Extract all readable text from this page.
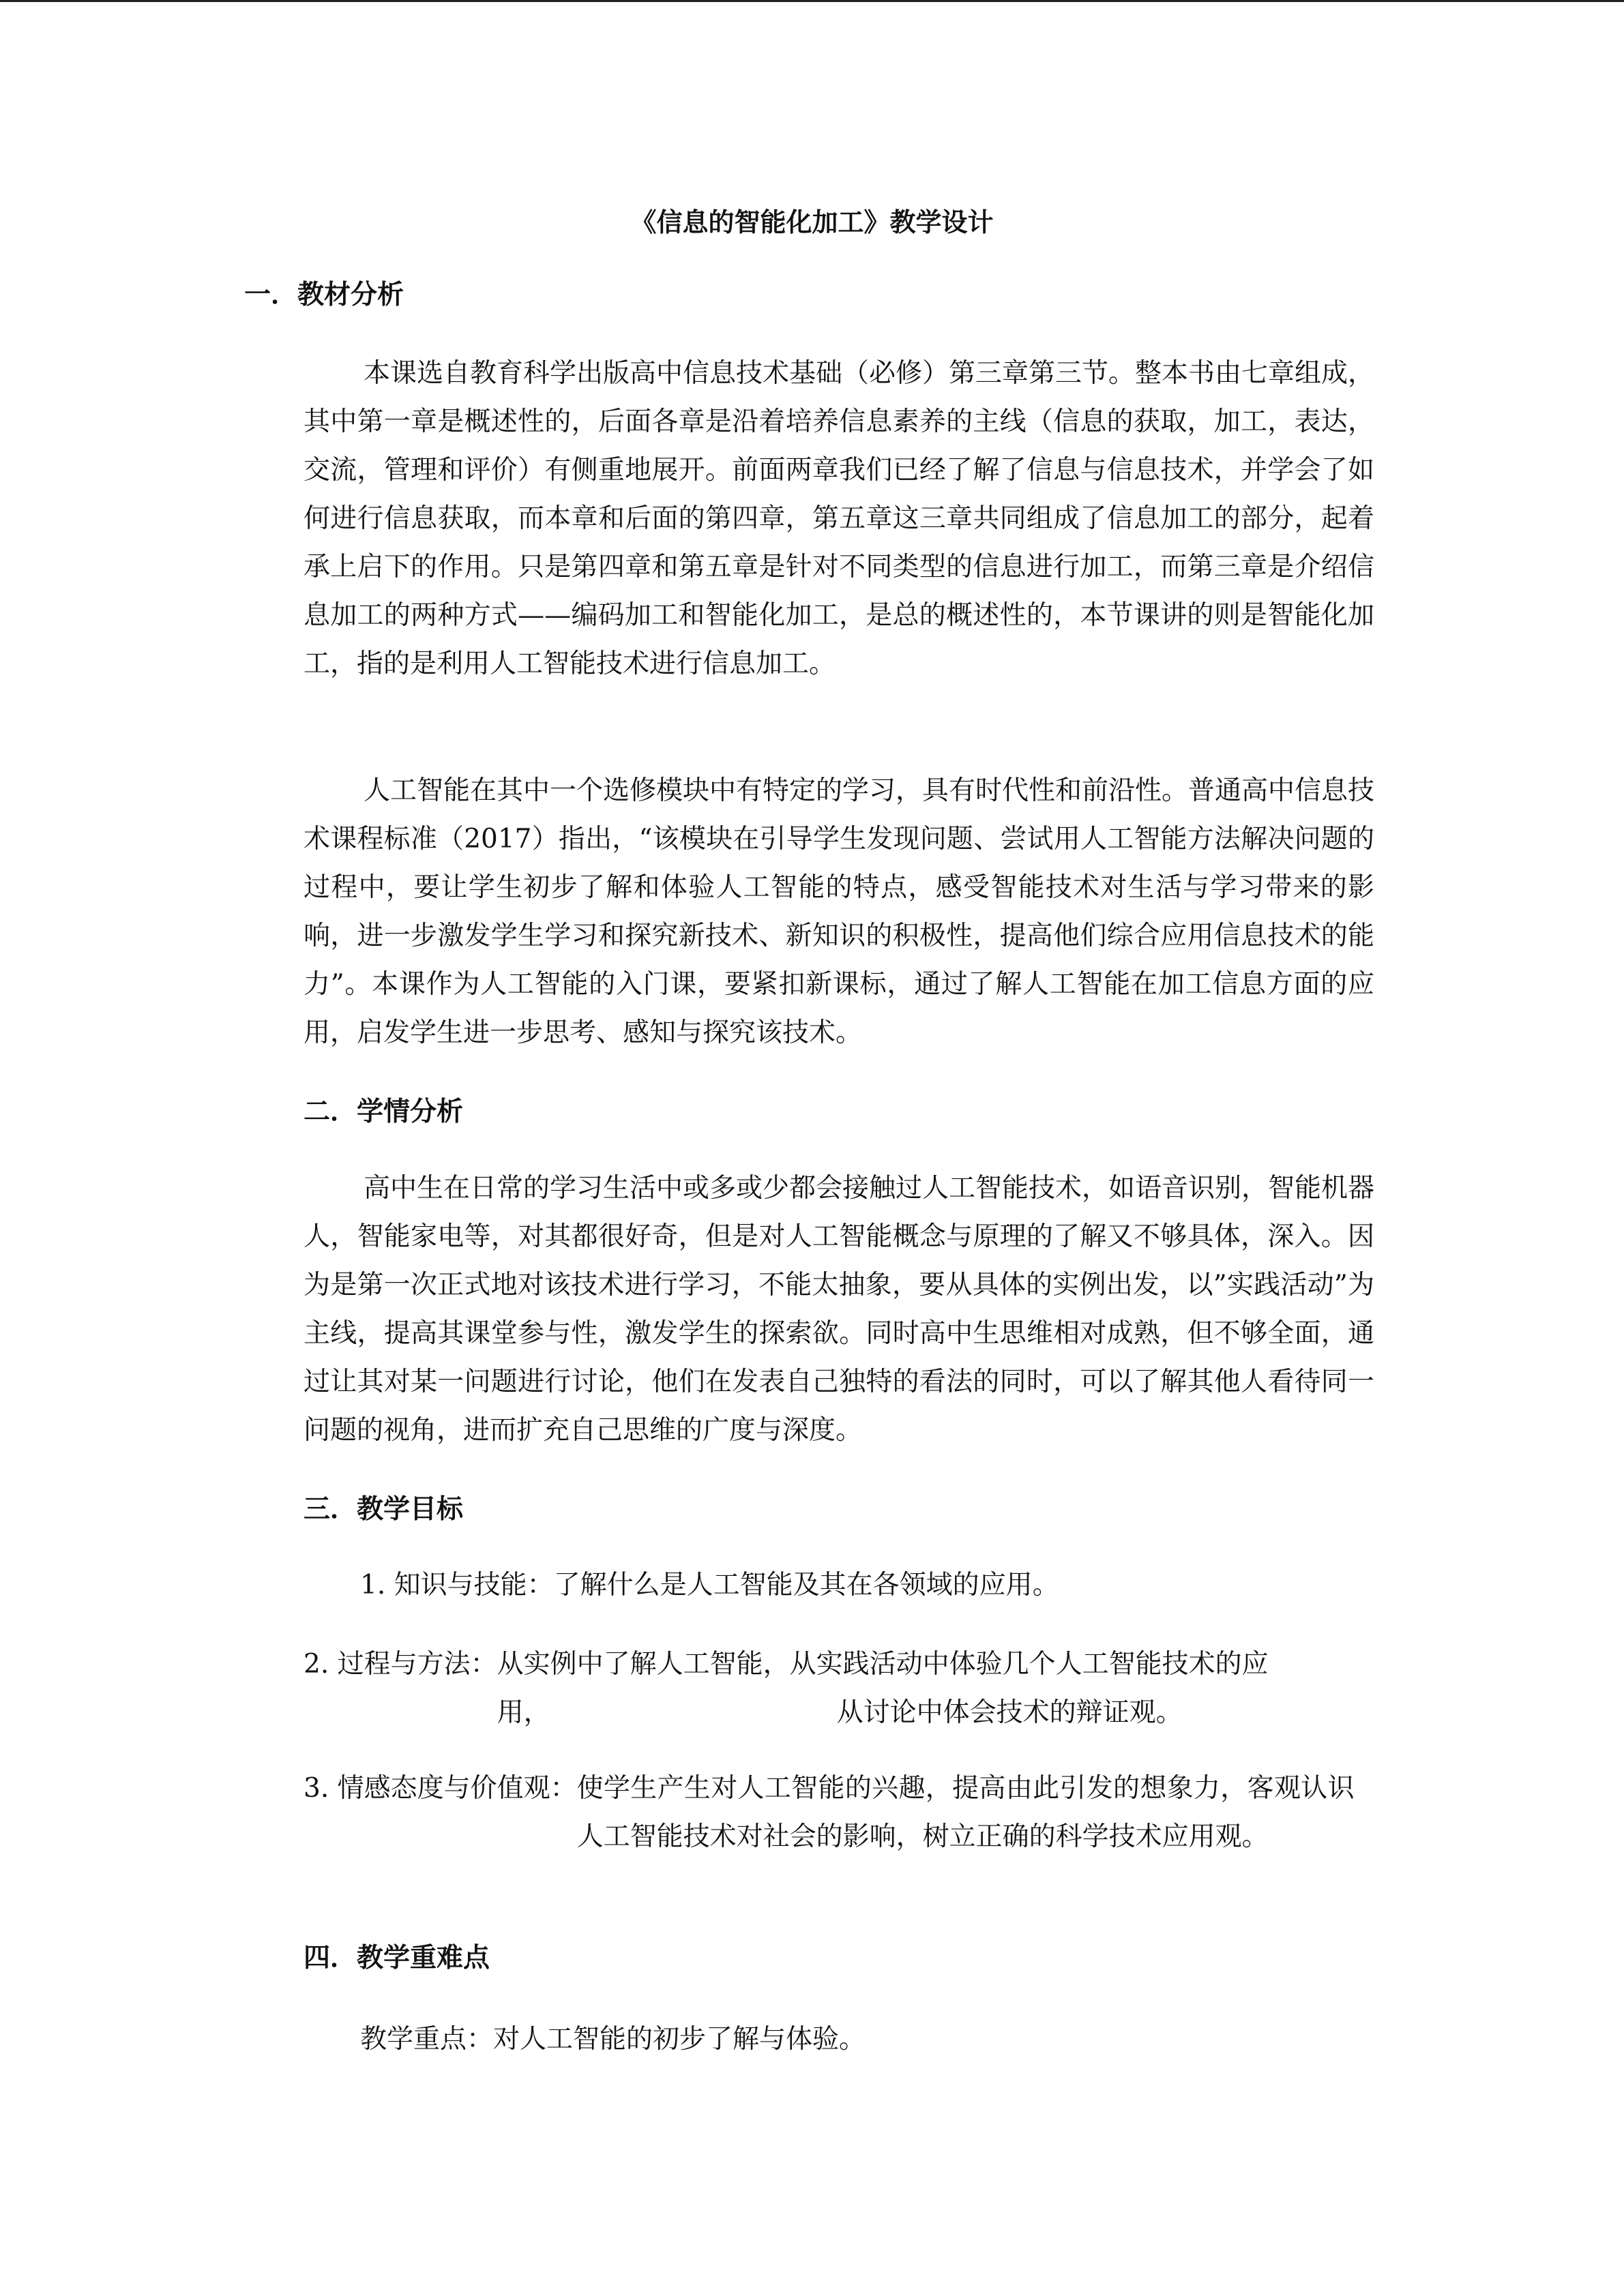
《信息的智能化加工》教学设计
一．教材分析

本课选自教育科学出版高中信息技术基础（必修）第三章第三节。整本书由七章组成，其中第一章是概述性的，后面各章是沿着培养信息素养的主线（信息的获取，加工，表达，交流，管理和评价）有侧重地展开。前面两章我们已经了解了信息与信息技术，并学会了如何进行信息获取，而本章和后面的第四章，第五章这三章共同组成了信息加工的部分，起着承上启下的作用。只是第四章和第五章是针对不同类型的信息进行加工，而第三章是介绍信息加工的两种方式——编码加工和智能化加工，是总的概述性的，本节课讲的则是智能化加工，指的是利用人工智能技术进行信息加工。

人工智能在其中一个选修模块中有特定的学习，具有时代性和前沿性。普通高中信息技术课程标准（2017）指出，“该模块在引导学生发现问题、尝试用人工智能方法解决问题的过程中，要让学生初步了解和体验人工智能的特点，感受智能技术对生活与学习带来的影响，进一步激发学生学习和探究新技术、新知识的积极性，提高他们综合应用信息技术的能力”。本课作为人工智能的入门课，要紧扣新课标，通过了解人工智能在加工信息方面的应用，启发学生进一步思考、感知与探究该技术。

二．学情分析

高中生在日常的学习生活中或多或少都会接触过人工智能技术，如语音识别，智能机器人，智能家电等，对其都很好奇，但是对人工智能概念与原理的了解又不够具体，深入。因为是第一次正式地对该技术进行学习，不能太抽象，要从具体的实例出发，以”实践活动”为主线，提高其课堂参与性，激发学生的探索欲。同时高中生思维相对成熟，但不够全面，通过让其对某一问题进行讨论，他们在发表自己独特的看法的同时，可以了解其他人看待同一问题的视角，进而扩充自己思维的广度与深度。

三．教学目标
1. 知识与技能：了解什么是人工智能及其在各领域的应用。
2. 过程与方法： 从实例中了解人工智能，从实践活动中体验几个人工智能技术的应
用，	从讨论中体会技术的辩证观。
3. 情感态度与价值观： 使学生产生对人工智能的兴趣，提高由此引发的想象力，客观认识人工智能技术对社会的影响，树立正确的科学技术应用观。
四．教学重难点
教学重点：对人工智能的初步了解与体验。
